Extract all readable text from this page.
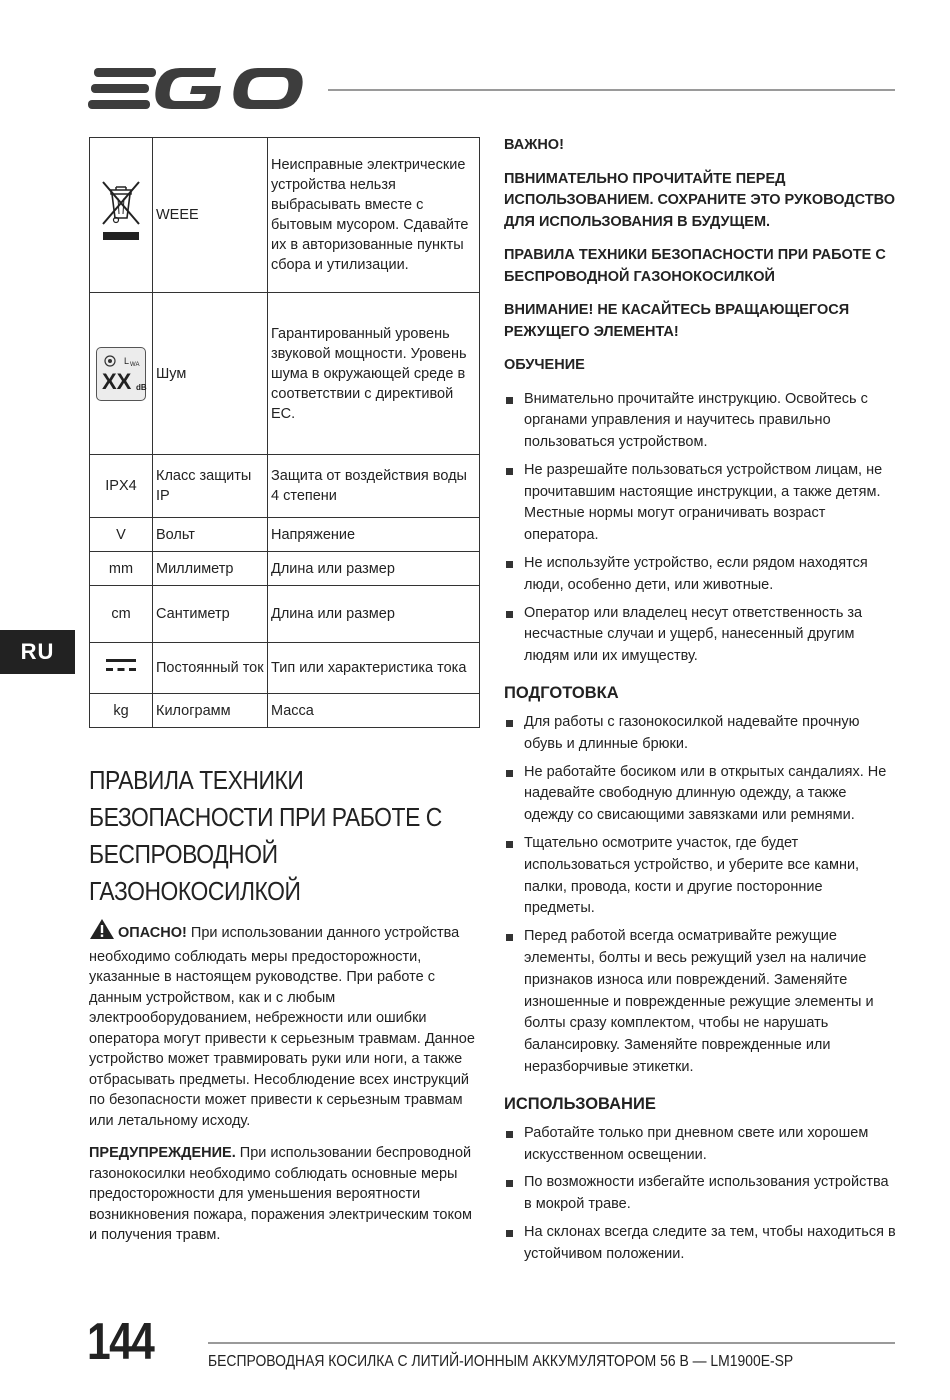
RU
	WEEE	Неисправные электрические устройства нельзя выбрасывать вместе с бытовым мусором. Сдавайте их в авторизованные пункты сбора и утилизации.

L WA
dB
XX	Шум	Гарантированный уровень звуковой мощности. Уровень шума в окружающей среде в соответствии с директивой ЕС.
IPX4	Класс защиты IP	Защита от воздействия воды 4 степени
V	Вольт	Напряжение
mm	Миллиметр	Длина или размер
cm	Сантиметр	Длина или размер
	Постоянный ток	Тип или характеристика тока
kg	Килограмм	Масса
ПРАВИЛА ТЕХНИКИ БЕЗОПАСНОСТИ ПРИ РАБОТЕ С БЕСПРОВОДНОЙ ГАЗОНОКОСИЛКОЙ

ОПАСНО! При использовании данного устройства необходимо соблюдать меры предосторожности, указанные в настоящем руководстве. При работе с данным устройством, как и с любым электрооборудованием, небрежности или ошибки оператора могут привести к серьезным травмам. Данное устройство может травмировать руки или ноги, а также отбрасывать предметы. Несоблюдение всех инструкций по безопасности может привести к серьезным травмам или летальному исходу.

ПРЕДУПРЕЖДЕНИЕ. При использовании беспроводной газонокосилки необходимо соблюдать основные меры предосторожности для уменьшения вероятности возникновения пожара, поражения электрическим током и получения травм.

ВАЖНО!

ПВНИМАТЕЛЬНО ПРОЧИТАЙТЕ ПЕРЕД ИСПОЛЬЗОВАНИЕМ. СОХРАНИТЕ ЭТО РУКОВОДСТВО ДЛЯ ИСПОЛЬЗОВАНИЯ В БУДУЩЕМ.

ПРАВИЛА ТЕХНИКИ БЕЗОПАСНОСТИ ПРИ РАБОТЕ С БЕСПРОВОДНОЙ ГАЗОНОКОСИЛКОЙ

ВНИМАНИЕ! НЕ КАСАЙТЕСЬ ВРАЩАЮЩЕГОСЯ РЕЖУЩЕГО ЭЛЕМЕНТА!

ОБУЧЕНИЕ

Внимательно прочитайте инструкцию. Освойтесь с органами управления и научитесь правильно пользоваться устройством.
Не разрешайте пользоваться устройством лицам, не прочитавшим настоящие инструкции, а также детям. Местные нормы могут ограничивать возраст оператора.
Не используйте устройство, если рядом находятся люди, особенно дети, или животные.
Оператор или владелец несут ответственность за несчастные случаи и ущерб, нанесенный другим людям или их имуществу.

ПОДГОТОВКА

Для работы с газонокосилкой надевайте прочную обувь и длинные брюки.
Не работайте босиком или в открытых сандалиях. Не надевайте свободную длинную одежду, а также одежду со свисающими завязками или ремнями.
Тщательно осмотрите участок, где будет использоваться устройство, и уберите все камни, палки, провода, кости и другие посторонние предметы.
Перед работой всегда осматривайте режущие элементы, болты и весь режущий узел на наличие признаков износа или повреждений. Заменяйте изношенные и поврежденные режущие элементы и болты сразу комплектом, чтобы не нарушать балансировку. Заменяйте поврежденные или неразборчивые этикетки.

ИСПОЛЬЗОВАНИЕ

Работайте только при дневном свете или хорошем искусственном освещении.
По возможности избегайте использования устройства в мокрой траве.
На склонах всегда следите за тем, чтобы находиться в устойчивом положении.
144	БЕСПРОВОДНАЯ КОСИЛКА С ЛИТИЙ-ИОННЫМ АККУМУЛЯТОРОМ 56 В — LM1900E-SP
